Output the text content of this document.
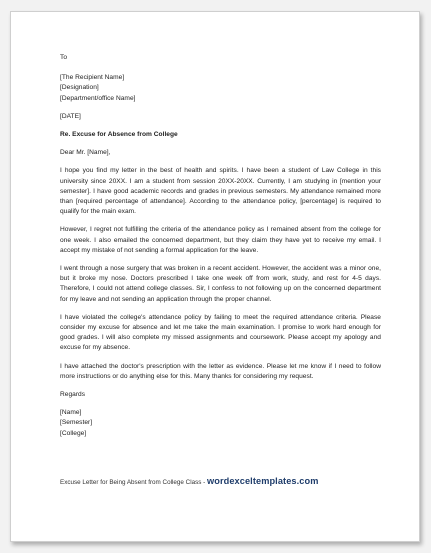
To
[The Recipient Name]
[Designation]
[Department/office Name]
[DATE]
Re. Excuse for Absence from College
Dear Mr. [Name],

I hope you find my letter in the best of health and spirits. I have been a student of Law College in this university since 20XX. I am a student from session 20XX-20XX. Currently, I am studying in [mention your semester]. I have good academic records and grades in previous semesters. My attendance remained more than [required percentage of attendance]. According to the attendance policy, [percentage] is required to qualify for the main exam.

However, I regret not fulfilling the criteria of the attendance policy as I remained absent from the college for one week. I also emailed the concerned department, but they claim they have yet to receive my email. I accept my mistake of not sending a formal application for the leave.

I went through a nose surgery that was broken in a recent accident. However, the accident was a minor one, but it broke my nose. Doctors prescribed I take one week off from work, study, and rest for 4-5 days. Therefore, I could not attend college classes. Sir, I confess to not following up on the concerned department for my leave and not sending an application through the proper channel.

I have violated the college's attendance policy by failing to meet the required attendance criteria. Please consider my excuse for absence and let me take the main examination. I promise to work hard enough for good grades. I will also complete my missed assignments and coursework. Please accept my apology and excuse for my absence.

I have attached the doctor's prescription with the letter as evidence. Please let me know if I need to follow more instructions or do anything else for this. Many thanks for considering my request.

Regards
[Name]
[Semester]
[College]
Excuse Letter for Being Absent from College Class - wordexceltemplates.com
